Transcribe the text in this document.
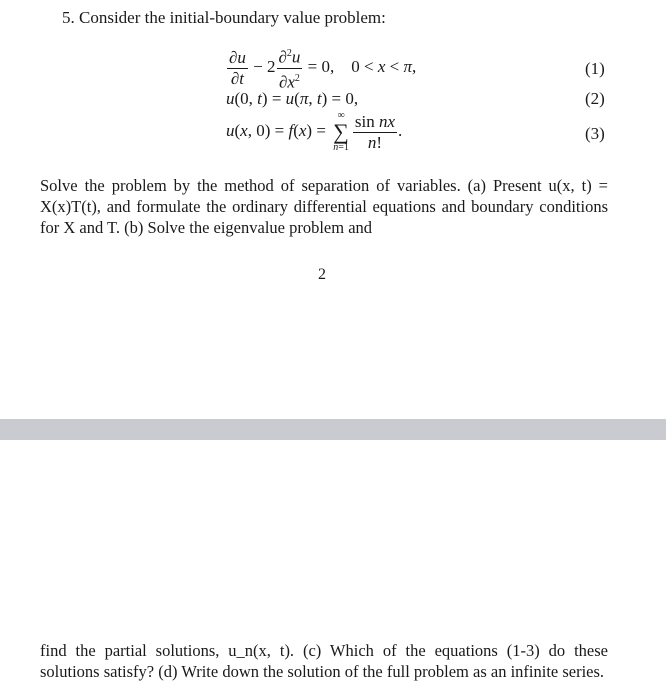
5. Consider the initial-boundary value problem:
$\frac{\partial u}{\partial t} - 2 \frac{\partial^2u}{\partial x^2} = 0$,    0 < x < π,	(1)
u(0, t) = u(π, t) = 0,	(2)
u(x, 0) = f(x) =
∞
∑
$n=1 \frac{\text{sin nx}}{n!}$ .	(3)

Solve the problem by the method of separation of variables. (a) Present u(x, t) = X(x)T(t), and formulate the ordinary differential equations and boundary conditions for X and T. (b) Solve the eigenvalue problem and

2

find the partial solutions, u_n(x, t). (c) Which of the equations (1-3) do these solutions satisfy? (d) Write down the solution of the full problem as an infinite series.
